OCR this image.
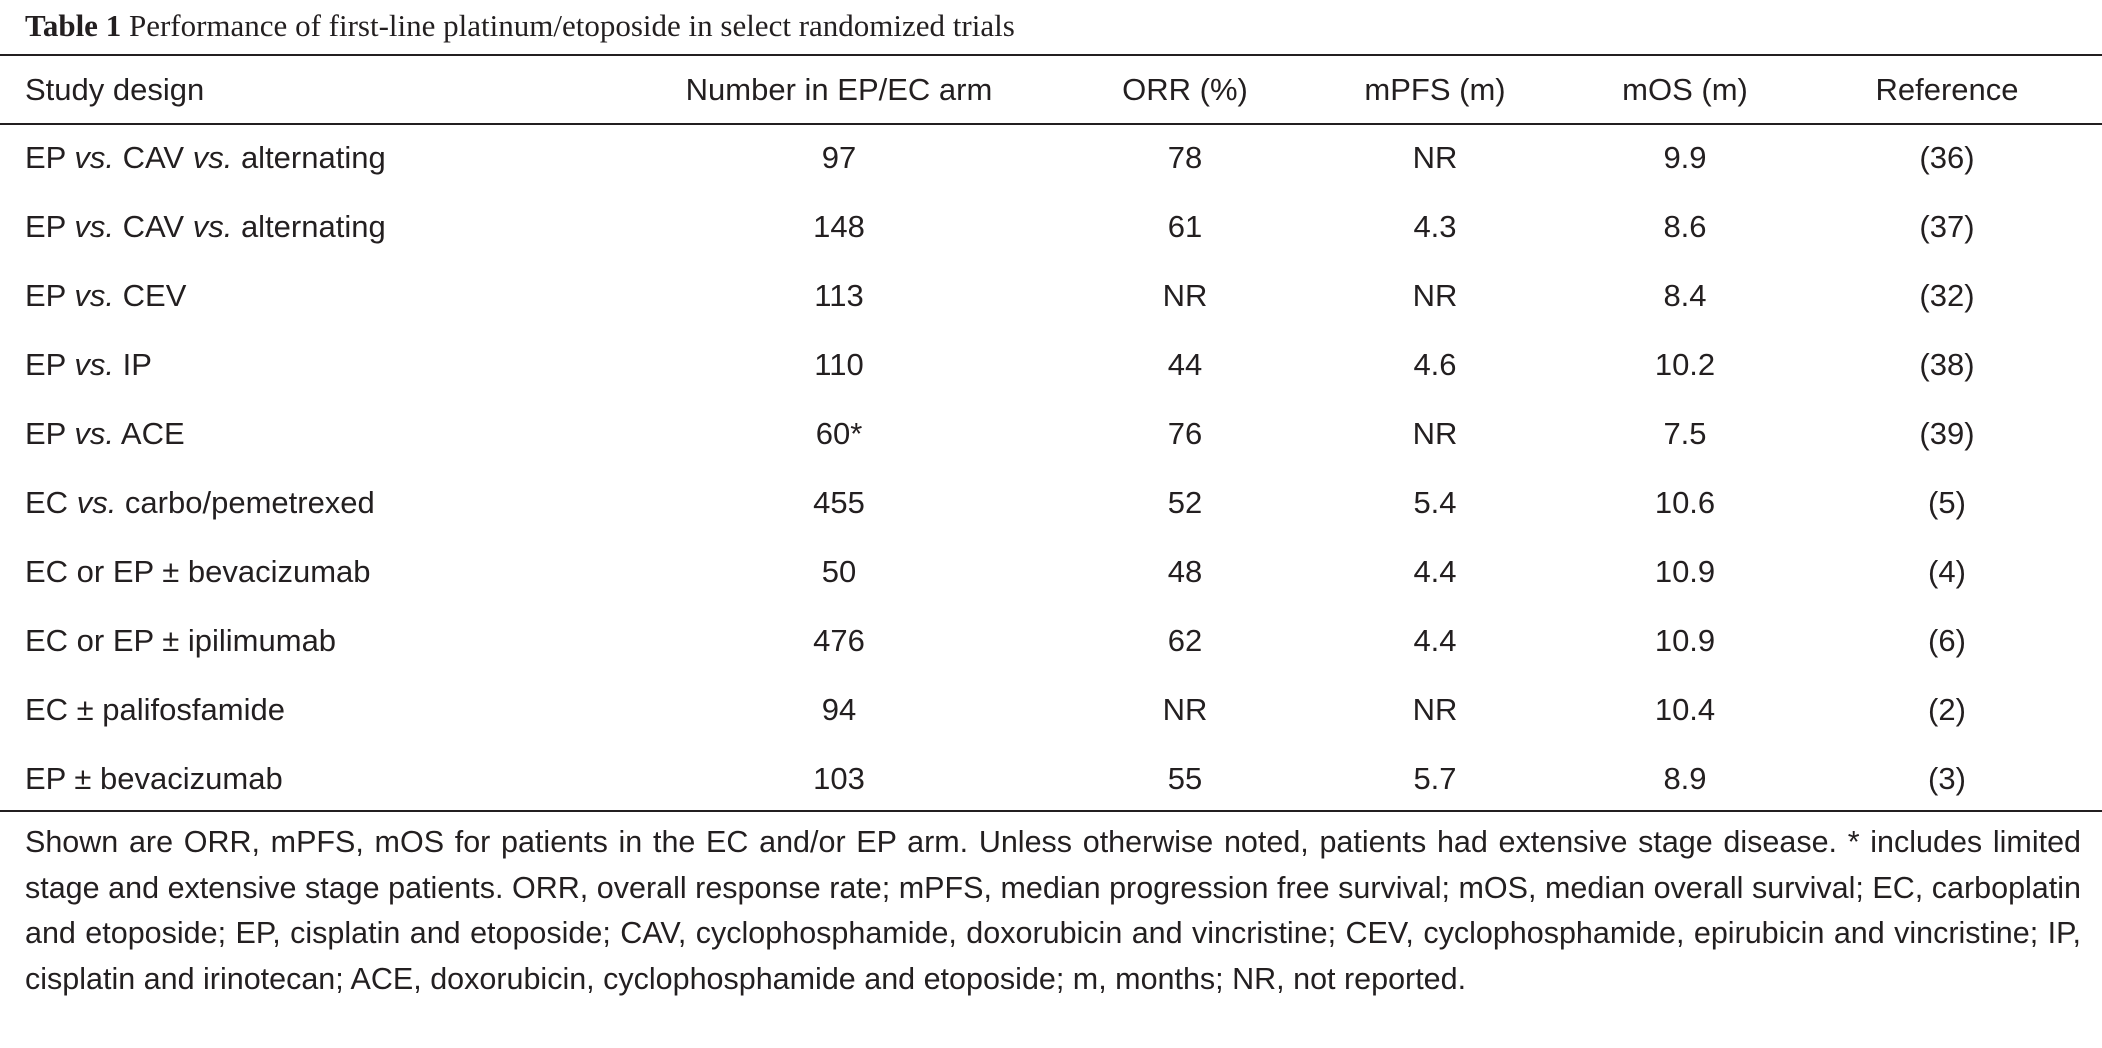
Table 1 Performance of first-line platinum/etoposide in select randomized trials
Study design	Number in EP/EC arm	ORR (%)	mPFS (m)	mOS (m)	Reference
EP vs. CAV vs. alternating	97	78	NR	9.9	(36)
EP vs. CAV vs. alternating	148	61	4.3	8.6	(37)
EP vs. CEV	113	NR	NR	8.4	(32)
EP vs. IP	110	44	4.6	10.2	(38)
EP vs. ACE	60*	76	NR	7.5	(39)
EC vs. carbo/pemetrexed	455	52	5.4	10.6	(5)
EC or EP ± bevacizumab	50	48	4.4	10.9	(4)
EC or EP ± ipilimumab	476	62	4.4	10.9	(6)
EC ± palifosfamide	94	NR	NR	10.4	(2)
EP ± bevacizumab	103	55	5.7	8.9	(3)
Shown are ORR, mPFS, mOS for patients in the EC and/or EP arm. Unless otherwise noted, patients had extensive stage disease. * includes limited stage and extensive stage patients. ORR, overall response rate; mPFS, median progression free survival; mOS, median overall survival; EC, carboplatin and etoposide; EP, cisplatin and etoposide; CAV, cyclophosphamide, doxorubicin and vincristine; CEV, cyclophosphamide, epirubicin and vincristine; IP, cisplatin and irinotecan; ACE, doxorubicin, cyclophosphamide and etoposide; m, months; NR, not reported.
